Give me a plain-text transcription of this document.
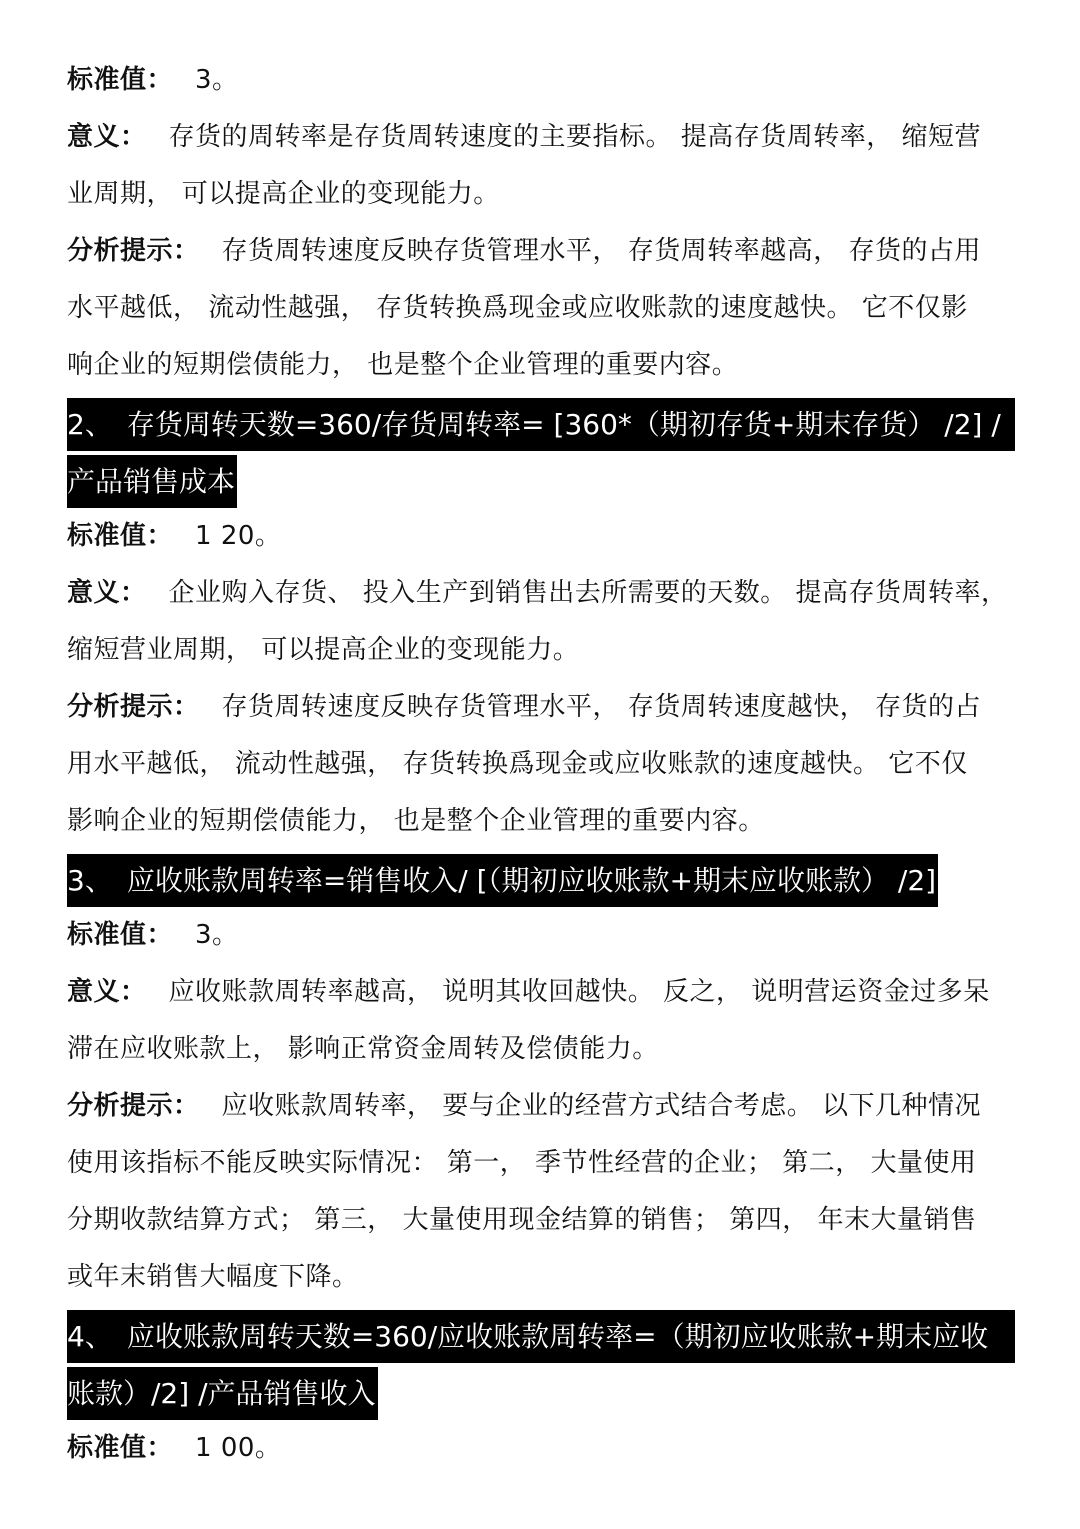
标准值： 3。
意义： 存货的周转率是存货周转速度的主要指标。 提高存货周转率， 缩短营
业周期， 可以提高企业的变现能力。
分析提示： 存货周转速度反映存货管理水平， 存货周转率越高， 存货的占用
水平越低， 流动性越强， 存货转换爲现金或应收账款的速度越快。 它不仅影
响企业的短期偿债能力， 也是整个企业管理的重要内容。
2、 存货周转天数=360/存货周转率= [360*（期初存货+期末存货） /2] /
产品销售成本
标准值： 1 20。
意义： 企业购入存货、 投入生产到销售出去所需要的天数。 提高存货周转率，
缩短营业周期， 可以提高企业的变现能力。
分析提示： 存货周转速度反映存货管理水平， 存货周转速度越快， 存货的占
用水平越低， 流动性越强， 存货转换爲现金或应收账款的速度越快。 它不仅
影响企业的短期偿债能力， 也是整个企业管理的重要内容。
3、 应收账款周转率=销售收入/ [（期初应收账款+期末应收账款） /2]
标准值： 3。
意义： 应收账款周转率越高， 说明其收回越快。 反之， 说明营运资金过多呆
滞在应收账款上， 影响正常资金周转及偿债能力。
分析提示： 应收账款周转率， 要与企业的经营方式结合考虑。 以下几种情况
使用该指标不能反映实际情况： 第一， 季节性经营的企业； 第二， 大量使用
分期收款结算方式； 第三， 大量使用现金结算的销售； 第四， 年末大量销售
或年末销售大幅度下降。
4、 应收账款周转天数=360/应收账款周转率=（期初应收账款+期末应收
账款）/2] /产品销售收入
标准值： 1 00。
